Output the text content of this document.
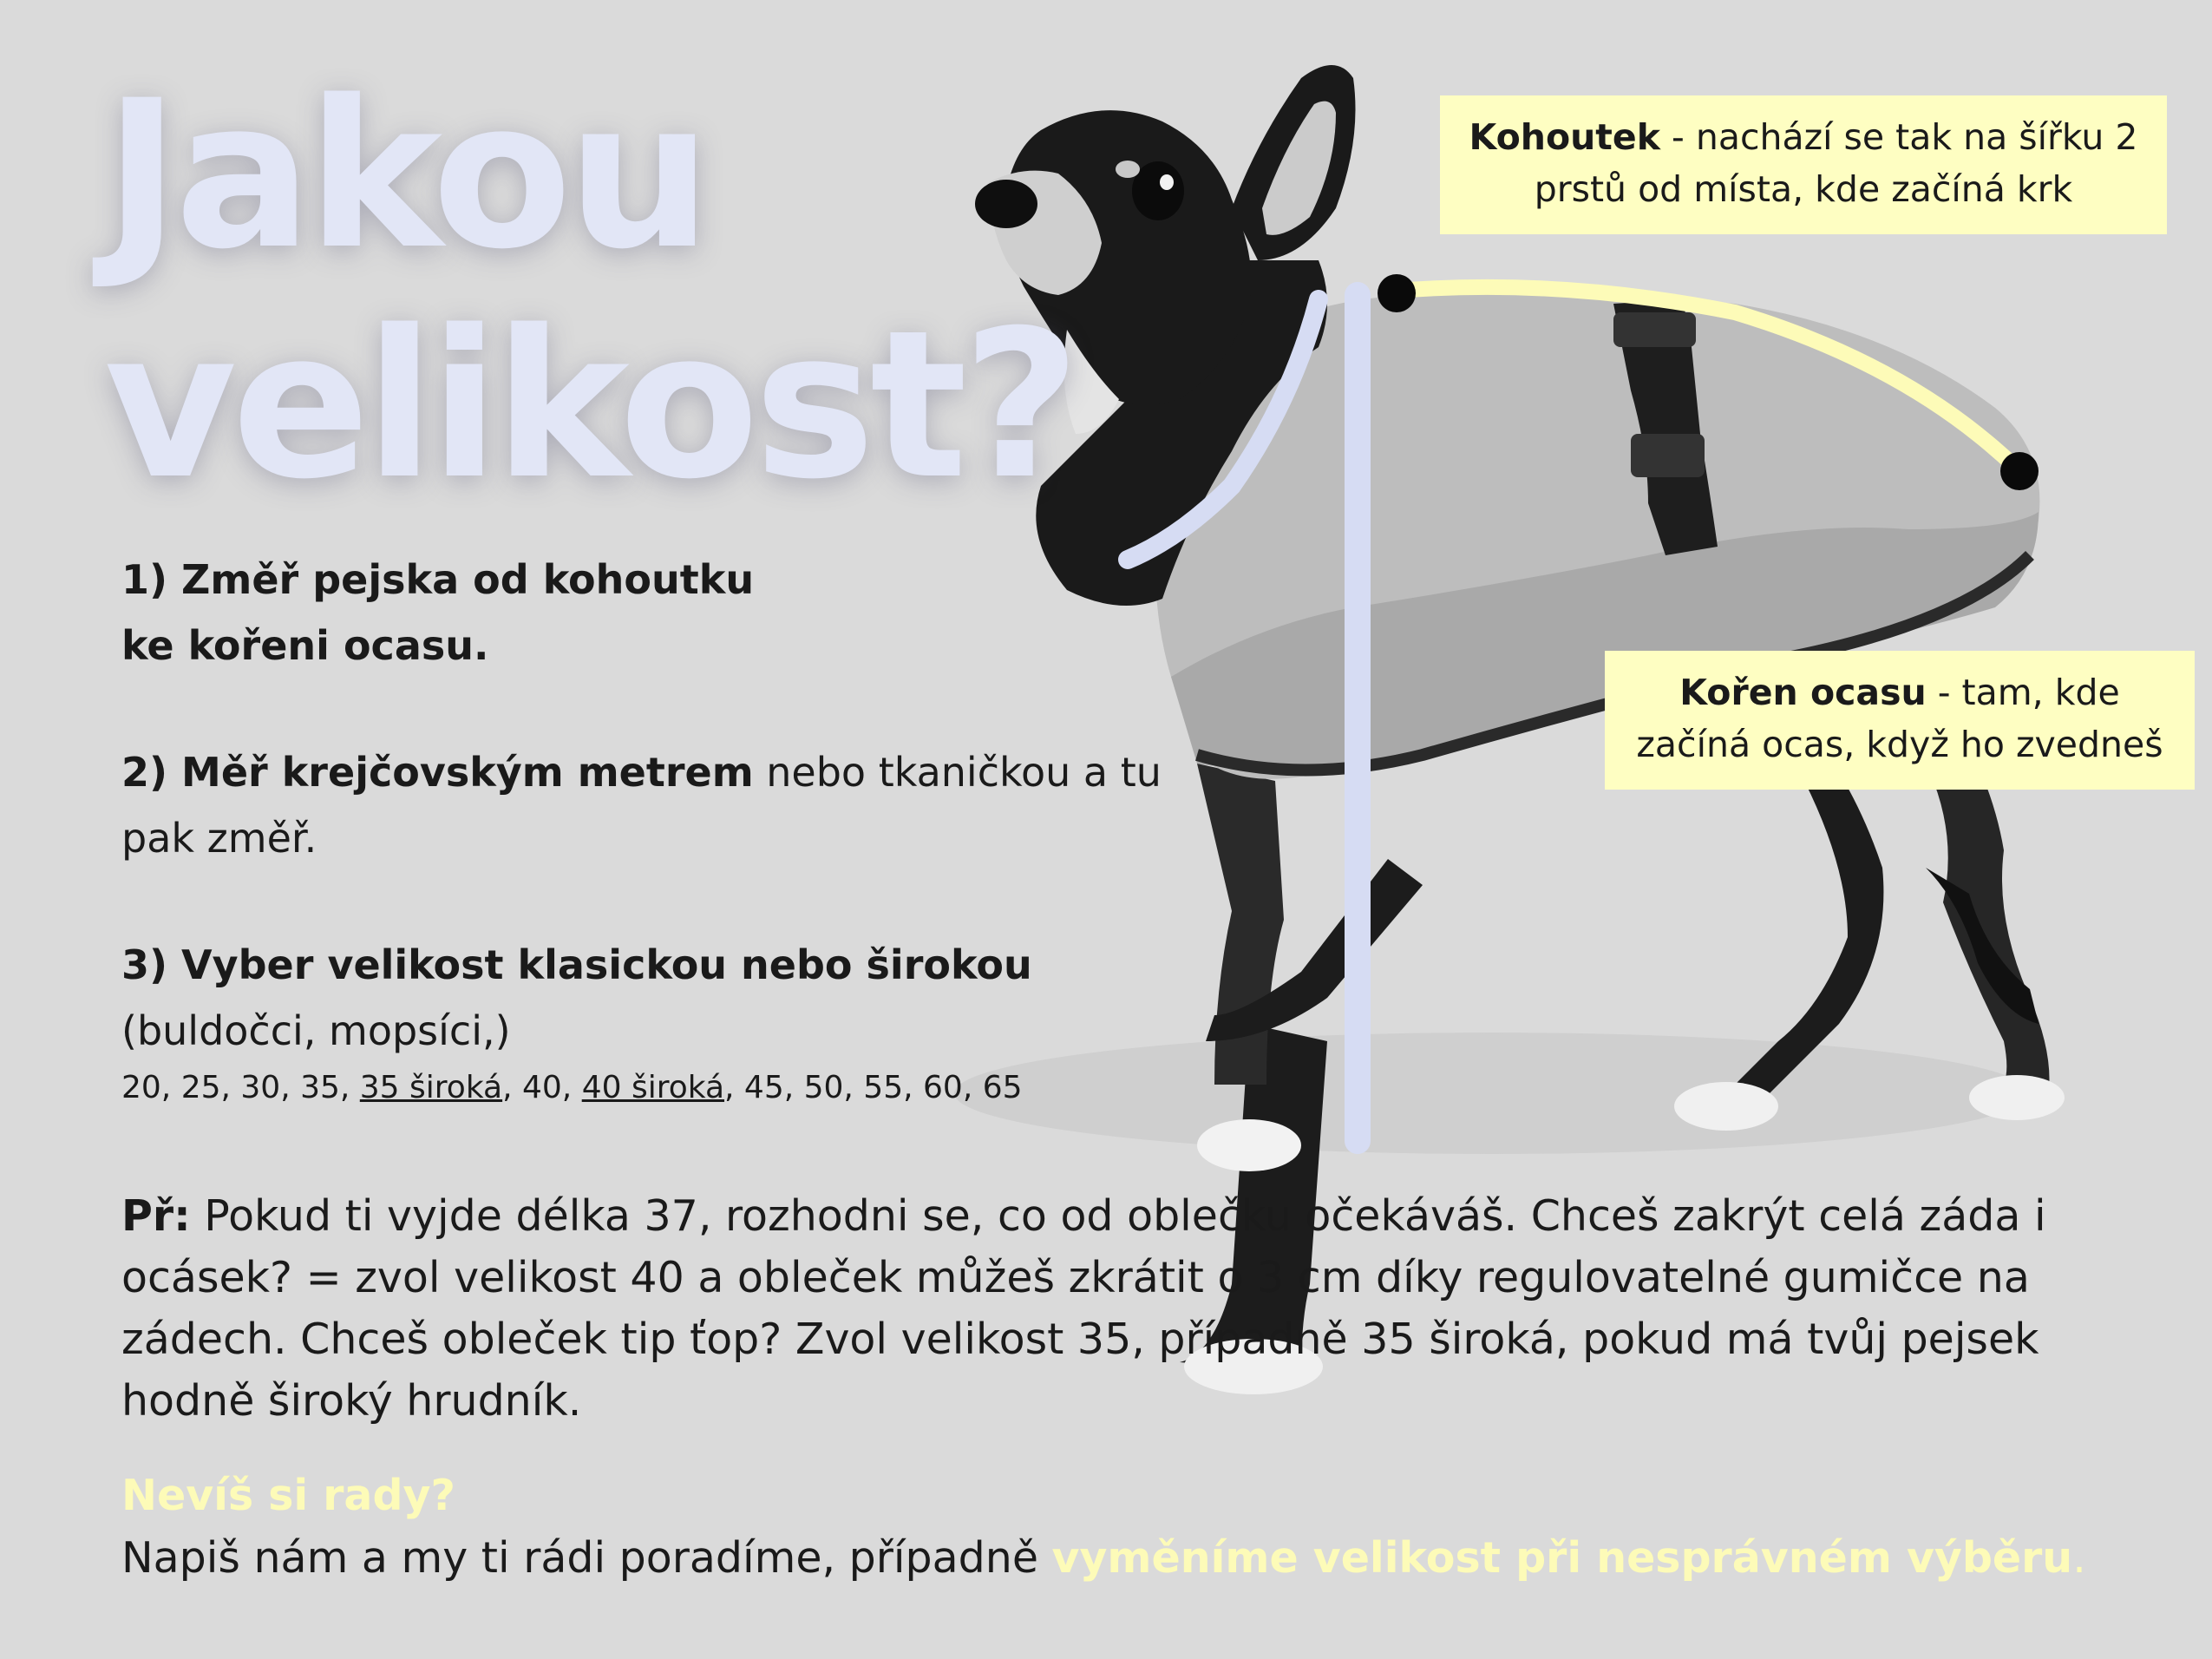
Jakou
velikost?
Kohoutek - nachází se tak na šířku 2 prstů od místa, kde začíná krk
Kořen ocasu - tam, kde začíná ocas, když ho zvedneš

1) Změř pejska od kohoutku
ke kořeni ocasu.

2) Měř krejčovským metrem nebo tkaničkou a tu pak změř.

3) Vyber velikost klasickou nebo širokou
(buldočci, mopsíci,)
20, 25, 30, 35, 35 široká, 40, 40 široká, 45, 50, 55, 60, 65

Př: Pokud ti vyjde délka 37, rozhodni se, co od oblečku očekáváš. Chceš zakrýt celá záda i ocásek? = zvol velikost 40 a obleček můžeš zkrátit o 3 cm díky regulovatelné gumičce na zádech. Chceš obleček tip ťop? Zvol velikost 35, případně 35 široká, pokud má tvůj pejsek hodně široký hrudník.
Nevíš si rady?
Napiš nám a my ti rádi poradíme, případně vyměníme velikost při nesprávném výběru.
